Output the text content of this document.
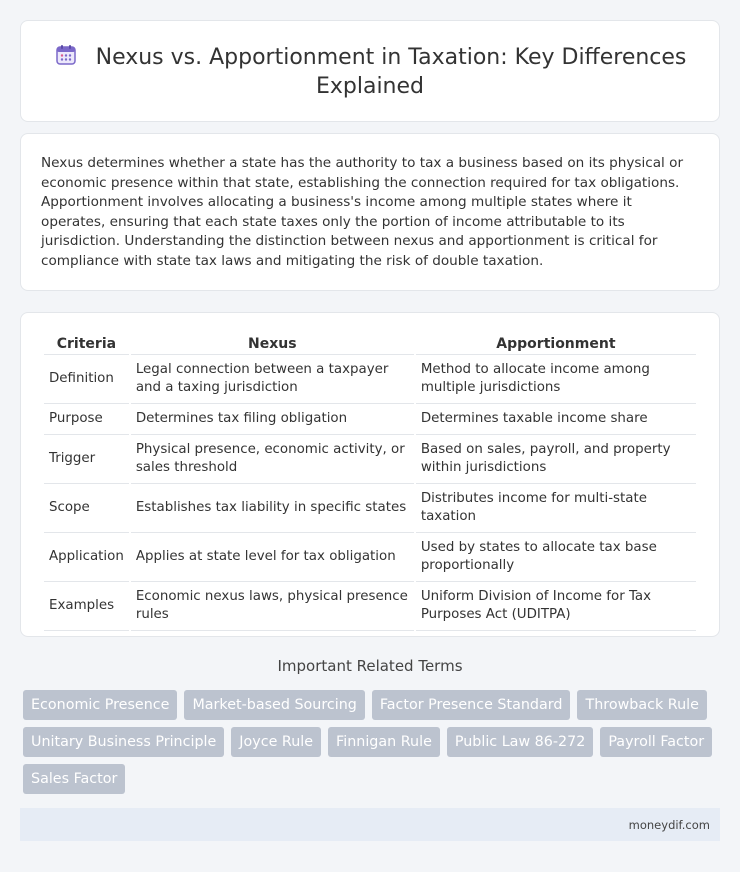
Nexus vs. Apportionment in Taxation: Key Differences Explained

Nexus determines whether a state has the authority to tax a business based on its physical or economic presence within that state, establishing the connection required for tax obligations. Apportionment involves allocating a business's income among multiple states where it operates, ensuring that each state taxes only the portion of income attributable to its jurisdiction. Understanding the distinction between nexus and apportionment is critical for compliance with state tax laws and mitigating the risk of double taxation.

Criteria	Nexus	Apportionment
Definition	Legal connection between a taxpayer and a taxing jurisdiction	Method to allocate income among multiple jurisdictions
Purpose	Determines tax filing obligation	Determines taxable income share
Trigger	Physical presence, economic activity, or sales threshold	Based on sales, payroll, and property within jurisdictions
Scope	Establishes tax liability in specific states	Distributes income for multi-state taxation
Application	Applies at state level for tax obligation	Used by states to allocate tax base proportionally
Examples	Economic nexus laws, physical presence rules	Uniform Division of Income for Tax Purposes Act (UDITPA)
Important Related Terms
Economic Presence	Market-based Sourcing	Factor Presence Standard	Throwback Rule
Unitary Business Principle	Joyce Rule	Finnigan Rule	Public Law 86-272	Payroll Factor
Sales Factor
moneydif.com
